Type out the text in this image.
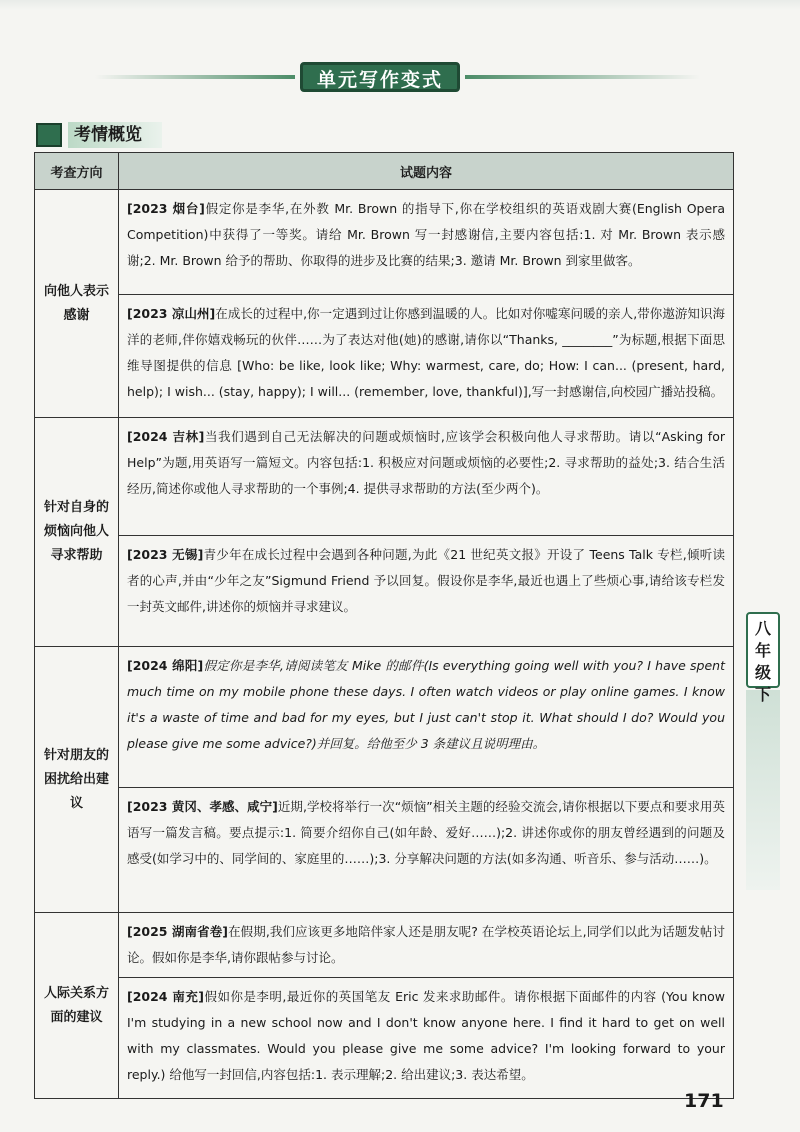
单元写作变式
考情概览
考查方向	试题内容
向他人表示感谢	[2023 烟台]假定你是李华,在外教 Mr. Brown 的指导下,你在学校组织的英语戏剧大赛(English Opera Competition)中获得了一等奖。请给 Mr. Brown 写一封感谢信,主要内容包括:1. 对 Mr. Brown 表示感谢;2. Mr. Brown 给予的帮助、你取得的进步及比赛的结果;3. 邀请 Mr. Brown 到家里做客。
	[2023 凉山州]在成长的过程中,你一定遇到过让你感到温暖的人。比如对你嘘寒问暖的亲人,带你遨游知识海洋的老师,伴你嬉戏畅玩的伙伴……为了表达对他(她)的感谢,请你以“Thanks, ________”为标题,根据下面思维导图提供的信息 [Who: be like, look like; Why: warmest, care, do; How: I can... (present, hard, help); I wish... (stay, happy); I will... (remember, love, thankful)],写一封感谢信,向校园广播站投稿。
针对自身的烦恼向他人寻求帮助	[2024 吉林]当我们遇到自己无法解决的问题或烦恼时,应该学会积极向他人寻求帮助。请以“Asking for Help”为题,用英语写一篇短文。内容包括:1. 积极应对问题或烦恼的必要性;2. 寻求帮助的益处;3. 结合生活经历,简述你或他人寻求帮助的一个事例;4. 提供寻求帮助的方法(至少两个)。
	[2023 无锡]青少年在成长过程中会遇到各种问题,为此《21 世纪英文报》开设了 Teens Talk 专栏,倾听读者的心声,并由“少年之友”Sigmund Friend 予以回复。假设你是李华,最近也遇上了些烦心事,请给该专栏发一封英文邮件,讲述你的烦恼并寻求建议。
针对朋友的困扰给出建议	[2024 绵阳]假定你是李华,请阅读笔友 Mike 的邮件(Is everything going well with you? I have spent much time on my mobile phone these days. I often watch videos or play online games. I know it's a waste of time and bad for my eyes, but I just can't stop it. What should I do? Would you please give me some advice?)并回复。给他至少 3 条建议且说明理由。
	[2023 黄冈、孝感、咸宁]近期,学校将举行一次“烦恼”相关主题的经验交流会,请你根据以下要点和要求用英语写一篇发言稿。要点提示:1. 简要介绍你自己(如年龄、爱好……);2. 讲述你或你的朋友曾经遇到的问题及感受(如学习中的、同学间的、家庭里的……);3. 分享解决问题的方法(如多沟通、听音乐、参与活动……)。
人际关系方面的建议	[2025 湖南省卷]在假期,我们应该更多地陪伴家人还是朋友呢? 在学校英语论坛上,同学们以此为话题发帖讨论。假如你是李华,请你跟帖参与讨论。
	[2024 南充]假如你是李明,最近你的英国笔友 Eric 发来求助邮件。请你根据下面邮件的内容 (You know I'm studying in a new school now and I don't know anyone here. I find it hard to get on well with my classmates. Would you please give me some advice? I'm looking forward to your reply.) 给他写一封回信,内容包括:1. 表示理解;2. 给出建议;3. 表达希望。
八年级下
171
